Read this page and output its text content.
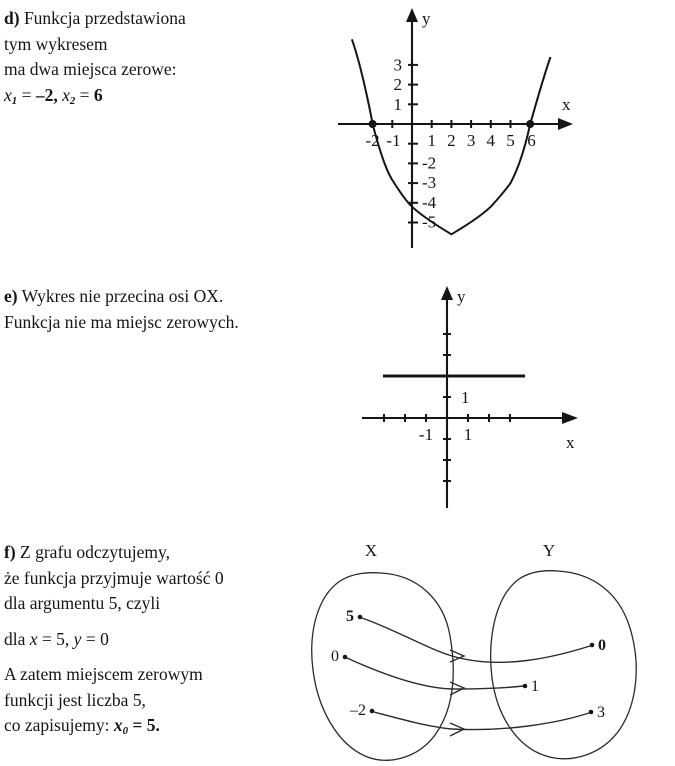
d) Funkcja przedstawiona
tym wykresem
ma dwa miejsca zerowe:
$x_1 = -2$, $x_2 = 6$
-2 -1 1 2 3 4 5 6
3
2
1
-2
-3
-4
-5
x
y
e) Wykres nie przecina osi OX.
Funkcja nie ma miejsc zerowych.
-1 1
1
x
y
f) Z grafu odczytujemy,
że funkcja przyjmuje wartość 0
dla argumentu 5, czyli
dla x = 5, y = 0
A zatem miejscem zerowym
funkcji jest liczba 5,
co zapisujemy: $x_0 = 5$.
X	Y
5
0
–2
0
1
3
